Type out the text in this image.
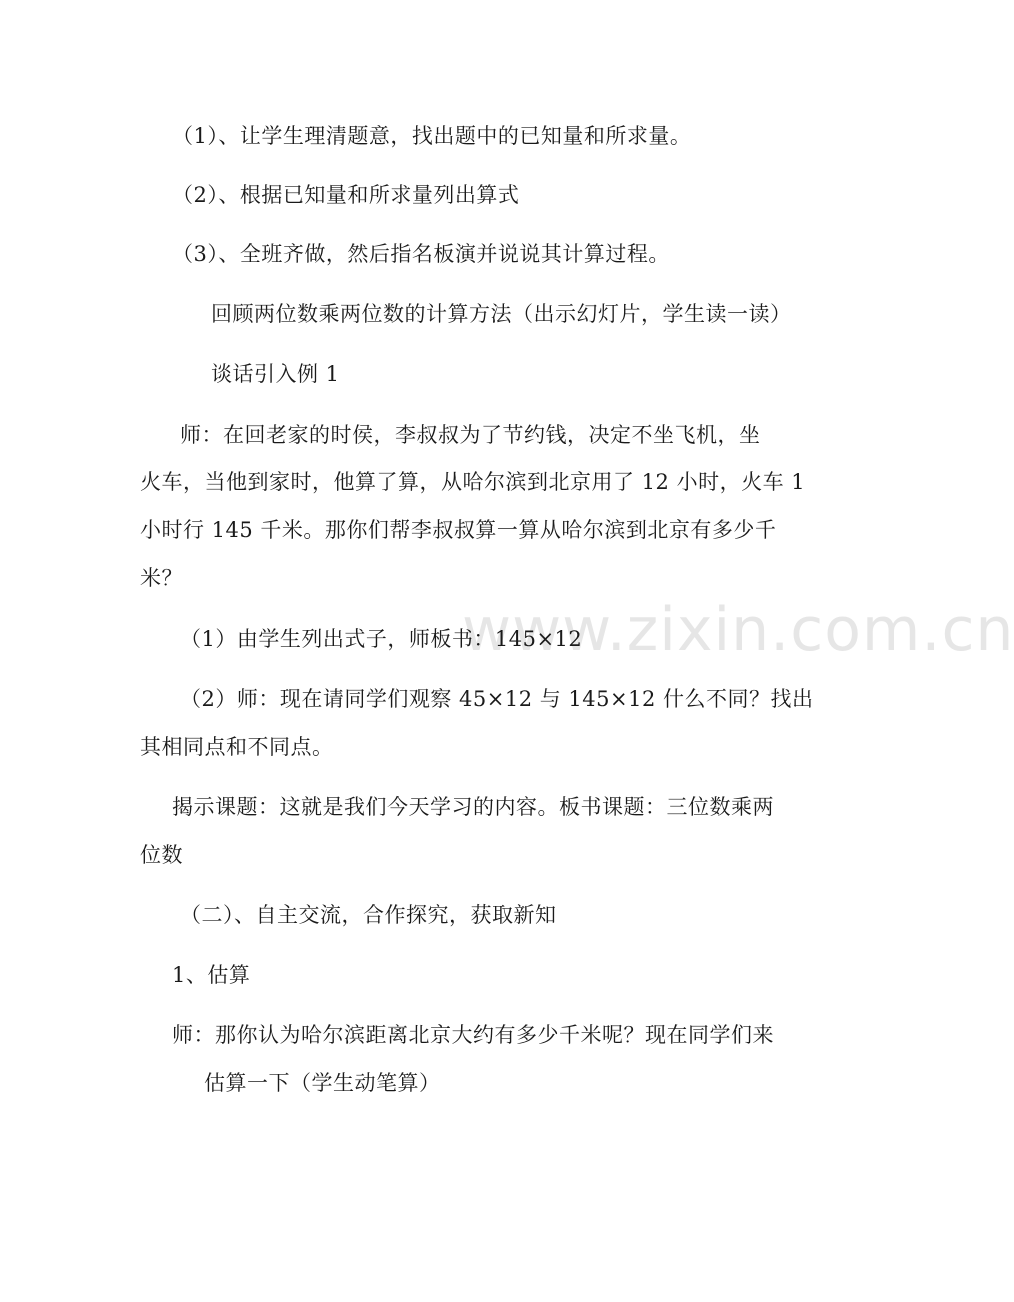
www.zixin.com.cn
（1）、让学生理清题意，找出题中的已知量和所求量。
（2）、根据已知量和所求量列出算式
（3）、全班齐做，然后指名板演并说说其计算过程。
回顾两位数乘两位数的计算方法（出示幻灯片，学生读一读）
谈话引入例 1
师：在回老家的时侯，李叔叔为了节约钱，决定不坐飞机，坐
火车，当他到家时，他算了算，从哈尔滨到北京用了 12 小时，火车 1
小时行 145 千米。那你们帮李叔叔算一算从哈尔滨到北京有多少千
米？
（1）由学生列出式子，师板书：145×12
（2）师：现在请同学们观察 45×12 与 145×12 什么不同？找出
其相同点和不同点。
揭示课题：这就是我们今天学习的内容。板书课题：三位数乘两
位数
（二）、自主交流，合作探究，获取新知
1、估算
师：那你认为哈尔滨距离北京大约有多少千米呢？现在同学们来
估算一下（学生动笔算）
